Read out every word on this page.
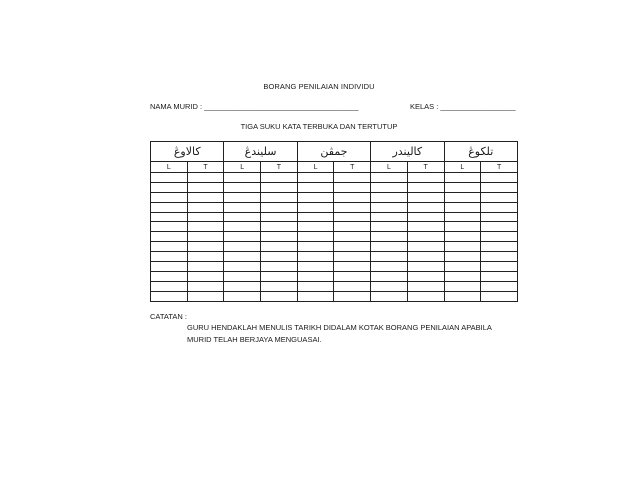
BORANG PENILAIAN INDIVIDU
NAMA MURID : _____________________________________	KELAS : __________________
TIGA SUKU KATA TERBUKA DAN TERTUTUP
كالاوڠ		سليندڠ		جمڤن		كاليندر		تلكوڠ	
L	T	L	T	L	T	L	T	L	T

CATATAN :
GURU HENDAKLAH MENULIS TARIKH DIDALAM KOTAK BORANG PENILAIAN APABILA
MURID TELAH BERJAYA MENGUASAI.
